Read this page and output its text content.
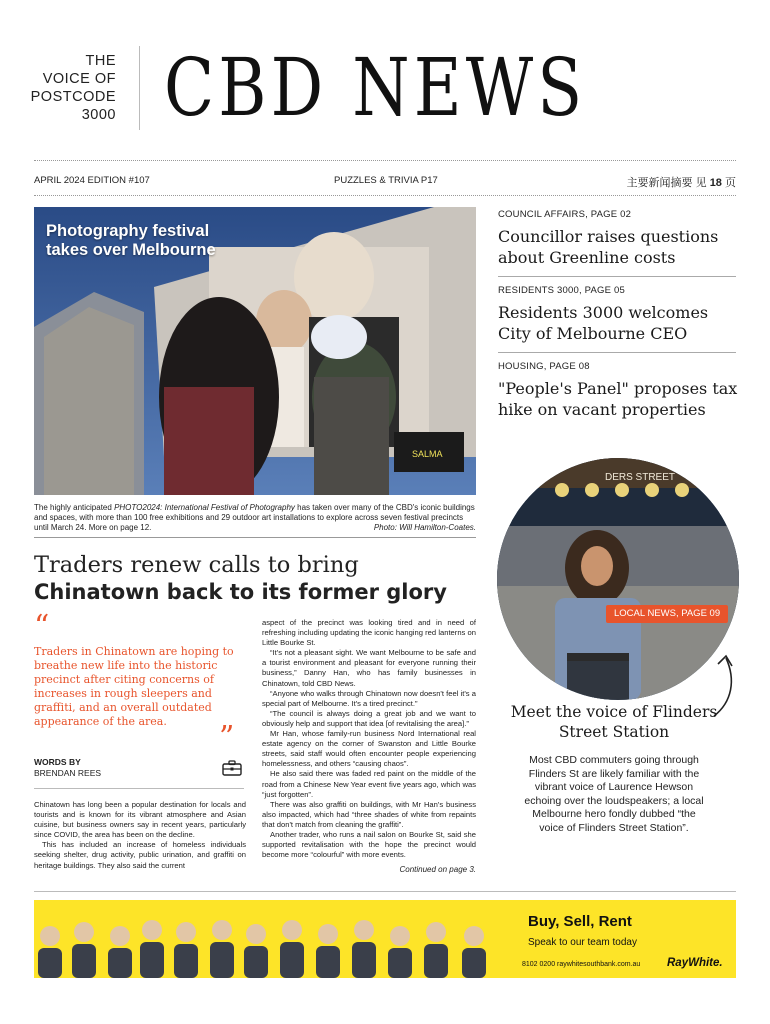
THE
VOICE OF
POSTCODE
3000 CBD NEWS
APRIL 2024 EDITION #107	PUZZLES & TRIVIA P17	主要新闻摘要 见 18 页
SALMA
Photography festival takes over Melbourne
The highly anticipated PHOTO2024: International Festival of Photography has taken over many of the CBD's iconic buildings and spaces, with more than 100 free exhibitions and 29 outdoor art installations to explore across seven festival precincts until March 24. More on page 12.	Photo: Will Hamilton-Coates.
Traders renew calls to bring
Chinatown back to its former glory
“
Traders in Chinatown are hoping to breathe new life into the historic precinct after citing concerns of increases in rough sleepers and graffiti, and an overall outdated appearance of the area.	”
WORDS BY
BRENDAN REES

Chinatown has long been a popular destination for locals and tourists and is known for its vibrant atmosphere and Asian cuisine, but business owners say in recent years, particularly since COVID, the area has been on the decline.

This has included an increase of homeless individuals seeking shelter, drug activity, public urination, and graffiti on heritage buildings. They also said the current

aspect of the precinct was looking tired and in need of refreshing including updating the iconic hanging red lanterns on Little Bourke St.

“It's not a pleasant sight. We want Melbourne to be safe and a tourist environment and pleasant for everyone running their business,” Danny Han, who has family businesses in Chinatown, told CBD News.

“Anyone who walks through Chinatown now doesn't feel it's a special part of Melbourne. It's a tired precinct.”

“The council is always doing a great job and we want to obviously help and support that idea [of revitalising the area].”

Mr Han, whose family-run business Nord International real estate agency on the corner of Swanston and Little Bourke streets, said staff would often encounter people experiencing homelessness, and others “causing chaos”.

He also said there was faded red paint on the middle of the road from a Chinese New Year event five years ago, which was “just forgotten”.

There was also graffiti on buildings, with Mr Han's business also impacted, which had “three shades of white from repaints that don't match from cleaning the graffiti”.

Another trader, who runs a nail salon on Bourke St, said she supported revitalisation with the hope the precinct would become more “colourful” with more events.

Continued on page 3.
COUNCIL AFFAIRS, PAGE 02
Councillor raises questions about Greenline costs
RESIDENTS 3000, PAGE 05
Residents 3000 welcomes City of Melbourne CEO
HOUSING, PAGE 08
"People's Panel" proposes tax hike on vacant properties
DERS STREET
LOCAL NEWS, PAGE 09
Meet the voice of Flinders Street Station
Most CBD commuters going through Flinders St are likely familiar with the vibrant voice of Laurence Hewson echoing over the loudspeakers; a local Melbourne hero fondly dubbed “the voice of Flinders Street Station”.
Buy, Sell, Rent
Speak to our team today
8102 0200 raywhitesouthbank.com.au RayWhite.
